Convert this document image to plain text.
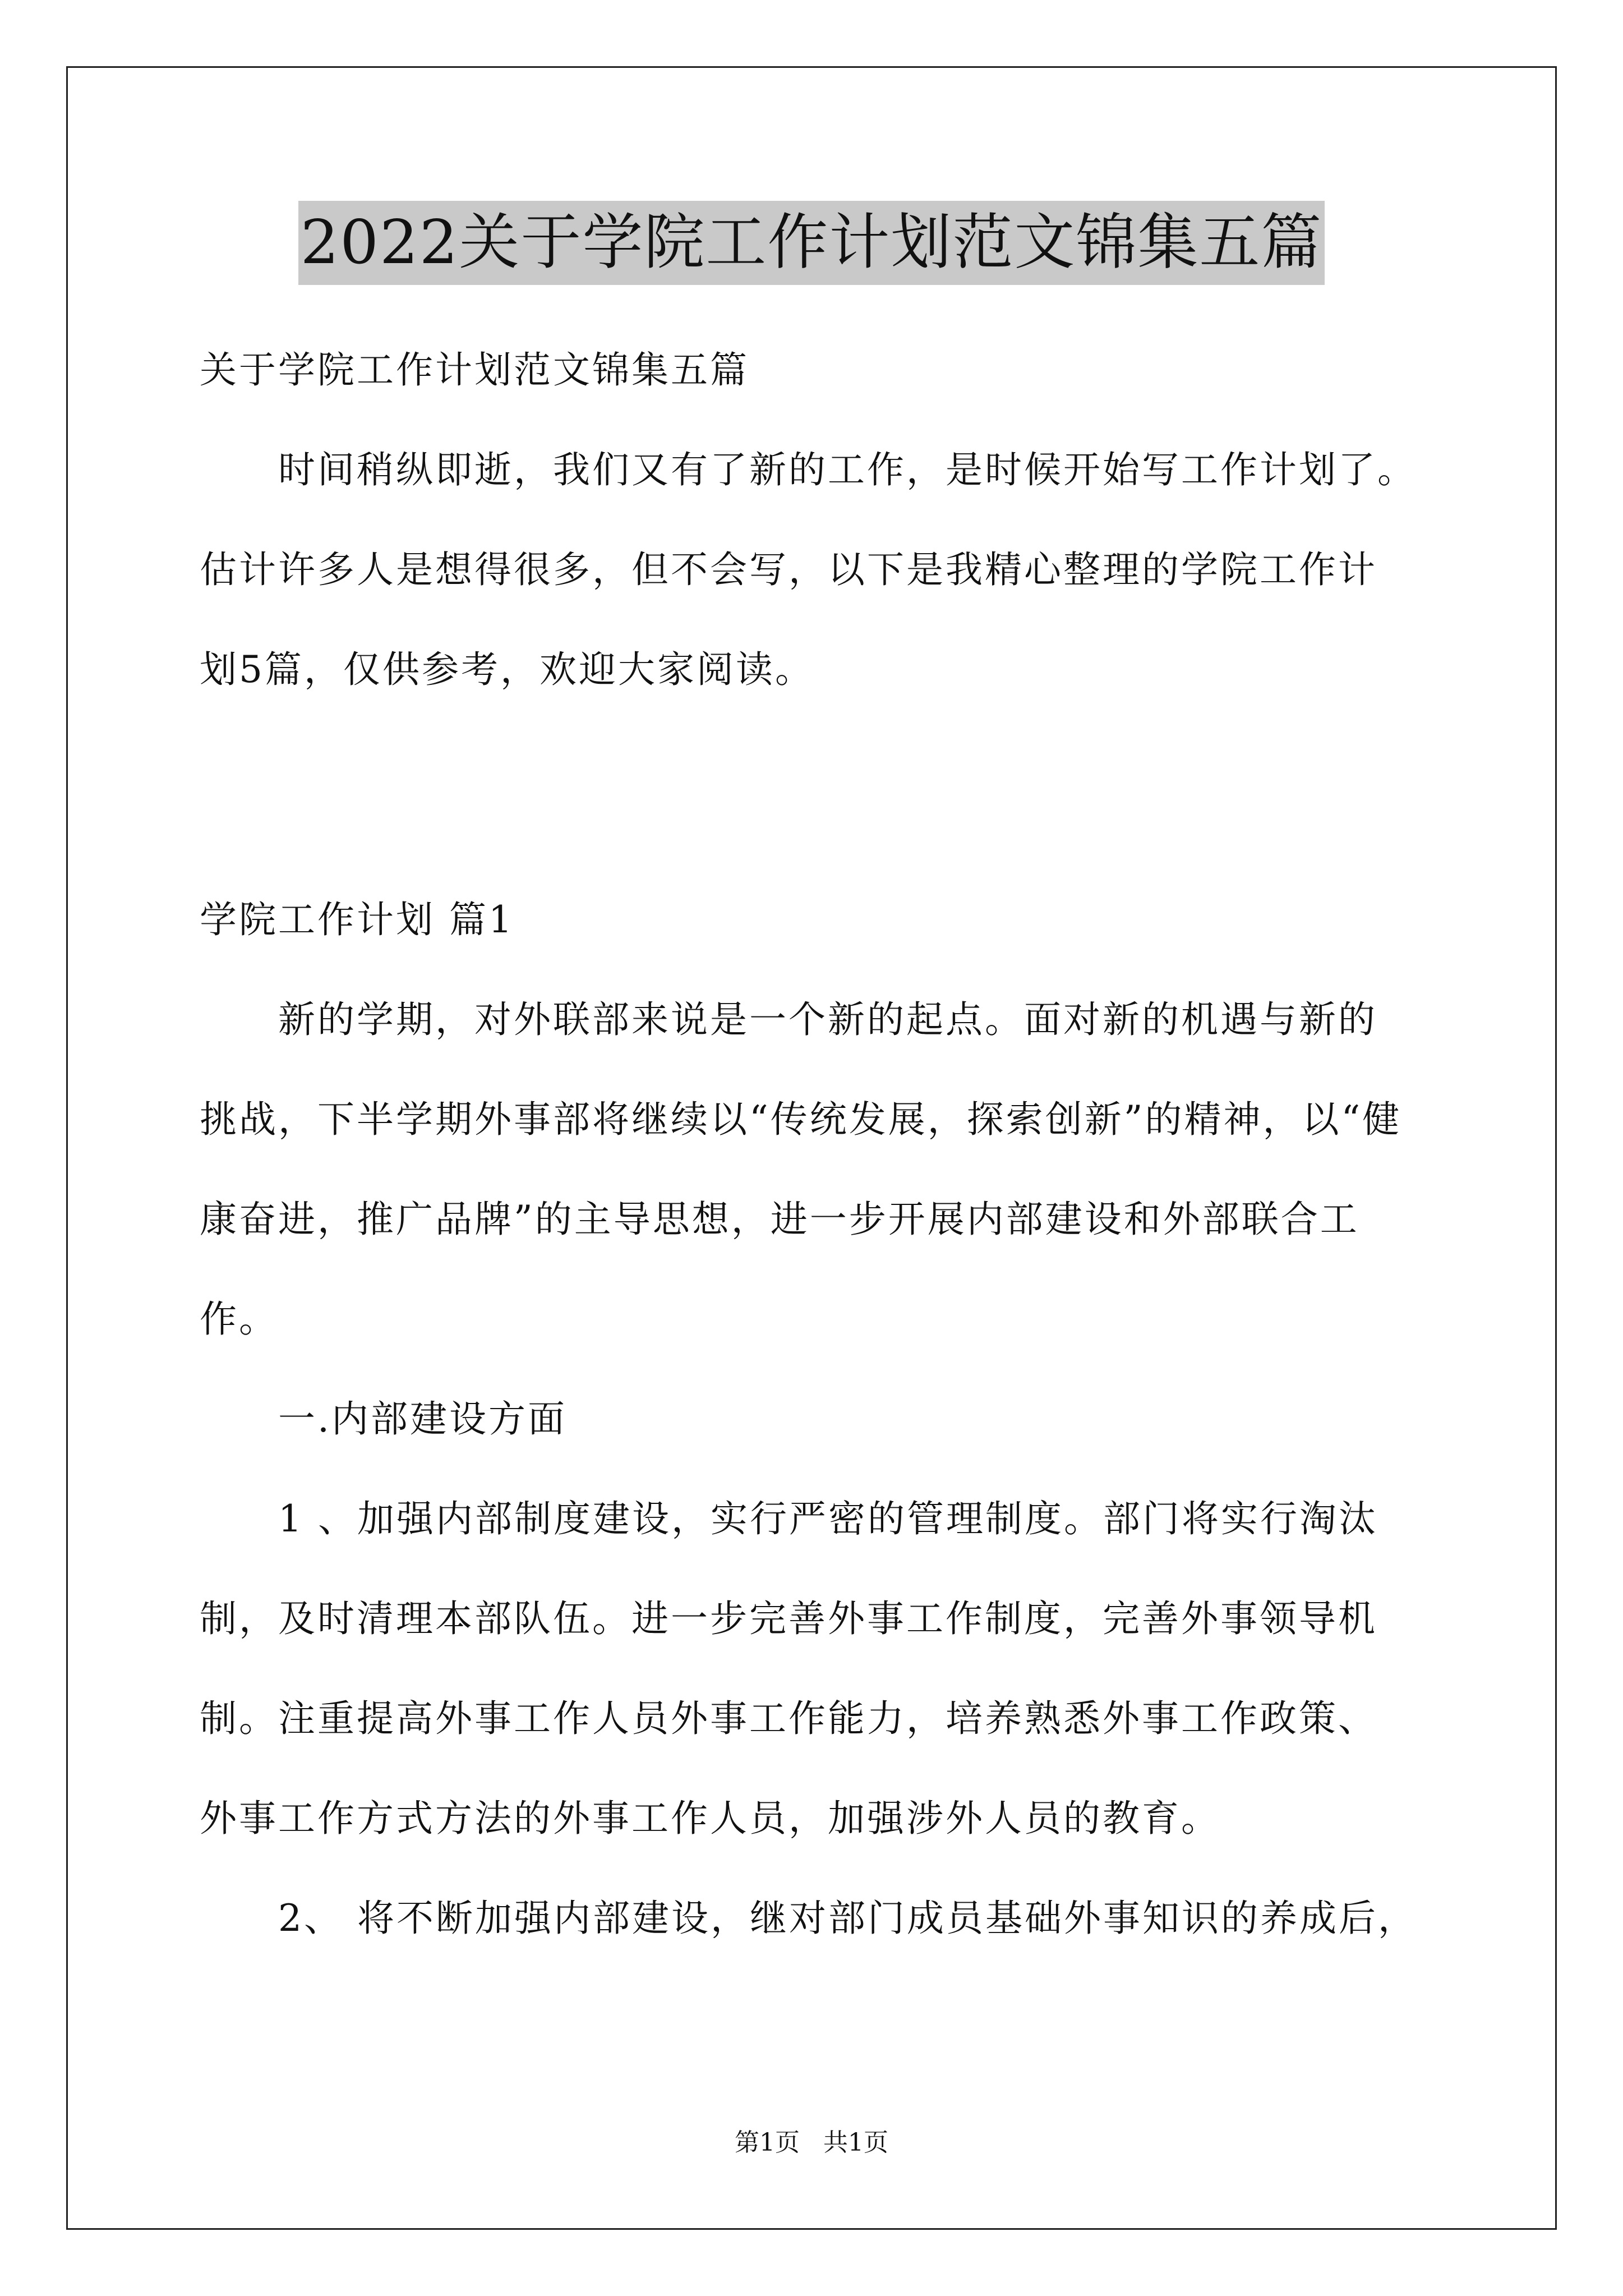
2022关于学院工作计划范文锦集五篇
关于学院工作计划范文锦集五篇
时间稍纵即逝，我们又有了新的工作，是时候开始写工作计划了。
估计许多人是想得很多，但不会写，以下是我精心整理的学院工作计
划5篇，仅供参考，欢迎大家阅读。
学院工作计划 篇1
新的学期，对外联部来说是一个新的起点。面对新的机遇与新的
挑战，下半学期外事部将继续以“传统发展，探索创新”的精神，以“健
康奋进，推广品牌”的主导思想，进一步开展内部建设和外部联合工
作。
一.内部建设方面
1 、加强内部制度建设，实行严密的管理制度。部门将实行淘汰
制，及时清理本部队伍。进一步完善外事工作制度，完善外事领导机
制。注重提高外事工作人员外事工作能力，培养熟悉外事工作政策、
外事工作方式方法的外事工作人员，加强涉外人员的教育。
2、 将不断加强内部建设，继对部门成员基础外事知识的养成后，
第1页 共1页
